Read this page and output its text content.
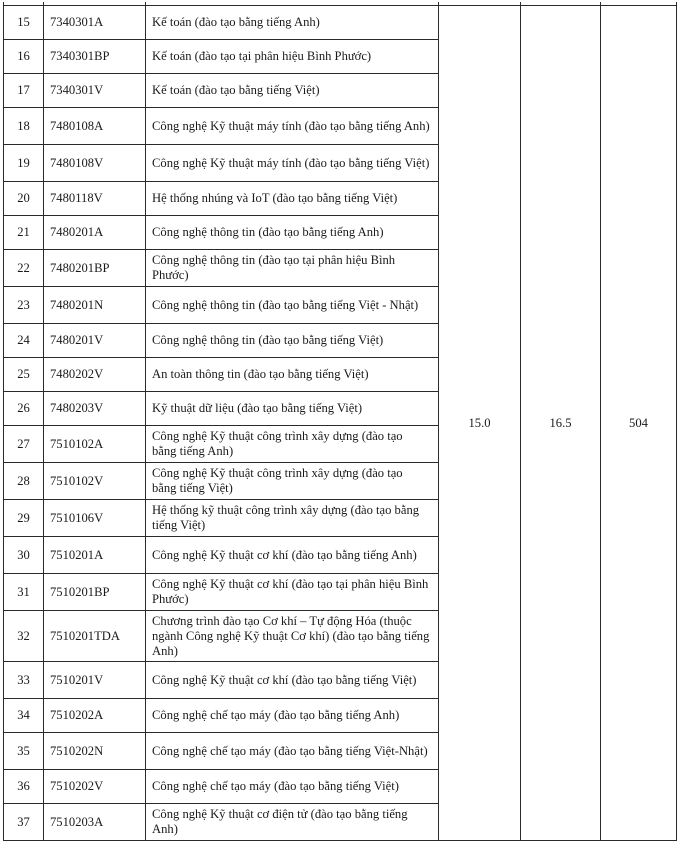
15	7340301A	Kế toán (đào tạo bằng tiếng Anh)	15.0	16.5	504
16	7340301BP	Kế toán (đào tạo tại phân hiệu Bình Phước)			
17	7340301V	Kế toán (đào tạo bằng tiếng Việt)			
18	7480108A	Công nghệ Kỹ thuật máy tính (đào tạo bằng tiếng Anh)			
19	7480108V	Công nghệ Kỹ thuật máy tính (đào tạo bằng tiếng Việt)			
20	7480118V	Hệ thống nhúng và IoT (đào tạo bằng tiếng Việt)			
21	7480201A	Công nghệ thông tin (đào tạo bằng tiếng Anh)			
22	7480201BP	Công nghệ thông tin (đào tạo tại phân hiệu Bình Phước)			
23	7480201N	Công nghệ thông tin (đào tạo bằng tiếng Việt - Nhật)			
24	7480201V	Công nghệ thông tin (đào tạo bằng tiếng Việt)			
25	7480202V	An toàn thông tin (đào tạo bằng tiếng Việt)			
26	7480203V	Kỹ thuật dữ liệu (đào tạo bằng tiếng Việt)			
27	7510102A	Công nghệ Kỹ thuật công trình xây dựng (đào tạo bằng tiếng Anh)			
28	7510102V	Công nghệ Kỹ thuật công trình xây dựng (đào tạo bằng tiếng Việt)			
29	7510106V	Hệ thống kỹ thuật công trình xây dựng (đào tạo bằng tiếng Việt)			
30	7510201A	Công nghệ Kỹ thuật cơ khí (đào tạo bằng tiếng Anh)			
31	7510201BP	Công nghệ Kỹ thuật cơ khí (đào tạo tại phân hiệu Bình Phước)			
32	7510201TDA	Chương trình đào tạo Cơ khí – Tự động Hóa (thuộc ngành Công nghệ Kỹ thuật Cơ khí) (đào tạo bằng tiếng Anh)			
33	7510201V	Công nghệ Kỹ thuật cơ khí (đào tạo bằng tiếng Việt)			
34	7510202A	Công nghệ chế tạo máy (đào tạo bằng tiếng Anh)			
35	7510202N	Công nghệ chế tạo máy (đào tạo bằng tiếng Việt-Nhật)			
36	7510202V	Công nghệ chế tạo máy (đào tạo bằng tiếng Việt)			
37	7510203A	Công nghệ Kỹ thuật cơ điện tử (đào tạo bằng tiếng Anh)			
